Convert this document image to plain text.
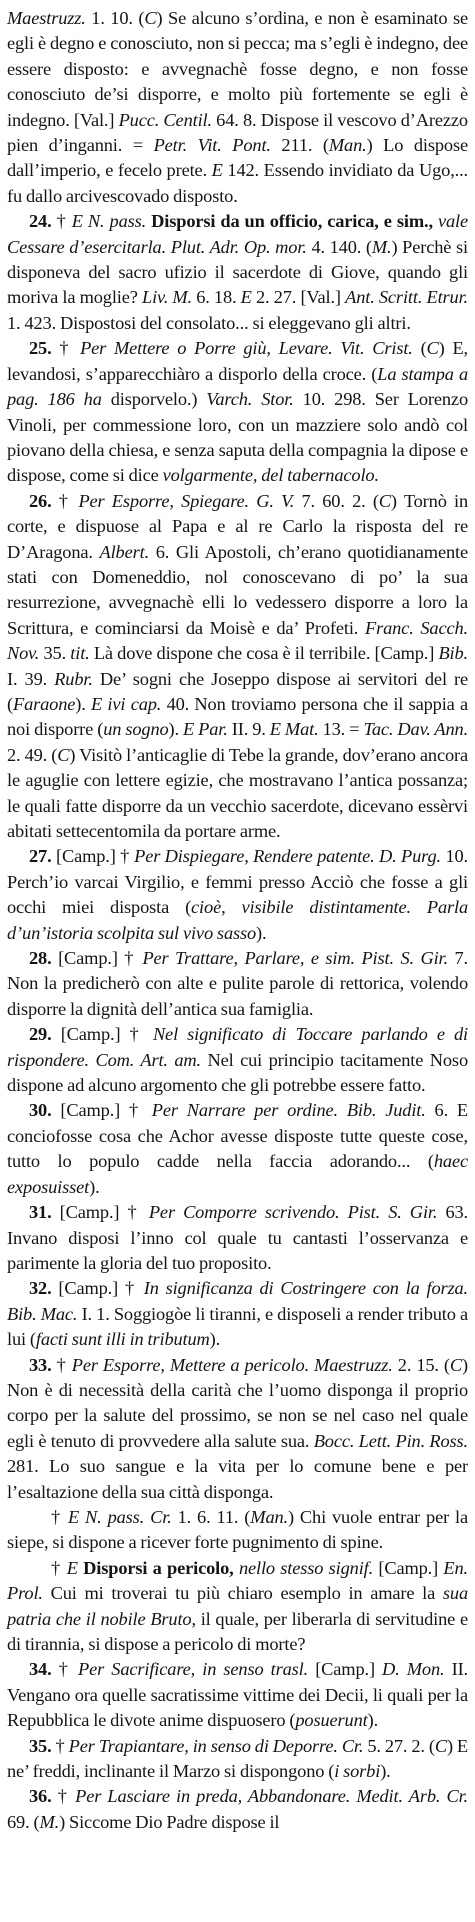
Maestruzz. 1. 10. (C) Se alcuno s’ordina, e non è esaminato se egli è degno e conosciuto, non si pecca; ma s’egli è indegno, dee essere disposto: e avvegnachè fosse degno, e non fosse conosciuto de’si disporre, e molto più fortemente se egli è indegno. [Val.] Pucc. Centil. 64. 8. Dispose il vescovo d’Arezzo pien d’inganni. = Petr. Vit. Pont. 211. (Man.) Lo dispose dall’imperio, e fecelo prete. E 142. Essendo invidiato da Ugo,... fu dallo arcivescovado disposto.

24. † E N. pass. Disporsi da un officio, carica, e sim., vale Cessare d’esercitarla. Plut. Adr. Op. mor. 4. 140. (M.) Perchè si disponeva del sacro ufizio il sacerdote di Giove, quando gli moriva la moglie? Liv. M. 6. 18. E 2. 27. [Val.] Ant. Scritt. Etrur. 1. 423. Dispostosi del consolato... si eleggevano gli altri.

25. † Per Mettere o Porre giù, Levare. Vit. Crist. (C) E, levandosi, s’apparecchiàro a disporlo della croce. (La stampa a pag. 186 ha disporvelo.) Varch. Stor. 10. 298. Ser Lorenzo Vinoli, per commessione loro, con un mazziere solo andò col piovano della chiesa, e senza saputa della compagnia la dipose e dispose, come si dice volgarmente, del tabernacolo.

26. † Per Esporre, Spiegare. G. V. 7. 60. 2. (C) Tornò in corte, e dispuose al Papa e al re Carlo la risposta del re D’Aragona. Albert. 6. Gli Apostoli, ch’erano quotidianamente stati con Domeneddio, nol conoscevano di po’ la sua resurrezione, avvegnachè elli lo vedessero disporre a loro la Scrittura, e cominciarsi da Moisè e da’ Profeti. Franc. Sacch. Nov. 35. tit. Là dove dispone che cosa è il terribile. [Camp.] Bib. I. 39. Rubr. De’ sogni che Joseppo dispose ai servitori del re (Faraone). E ivi cap. 40. Non troviamo persona che il sappia a noi disporre (un sogno). E Par. II. 9. E Mat. 13. = Tac. Dav. Ann. 2. 49. (C) Visitò l’anticaglie di Tebe la grande, dov’erano ancora le aguglie con lettere egizie, che mostravano l’antica possanza; le quali fatte disporre da un vecchio sacerdote, dicevano essèrvi abitati settecentomila da portare arme.

27. [Camp.] † Per Dispiegare, Rendere patente. D. Purg. 10. Perch’io varcai Virgilio, e femmi presso Acciò che fosse a gli occhi miei disposta (cioè, visibile distintamente. Parla d’un’istoria scolpita sul vivo sasso).

28. [Camp.] † Per Trattare, Parlare, e sim. Pist. S. Gir. 7. Non la predicherò con alte e pulite parole di rettorica, volendo disporre la dignità dell’antica sua famiglia.

29. [Camp.] † Nel significato di Toccare parlando e di rispondere. Com. Art. am. Nel cui principio tacitamente Noso dispone ad alcuno argomento che gli potrebbe essere fatto.

30. [Camp.] † Per Narrare per ordine. Bib. Judit. 6. E conciofosse cosa che Achor avesse disposte tutte queste cose, tutto lo populo cadde nella faccia adorando... (haec exposuisset).

31. [Camp.] † Per Comporre scrivendo. Pist. S. Gir. 63. Invano disposi l’inno col quale tu cantasti l’osservanza e parimente la gloria del tuo proposito.

32. [Camp.] † In significanza di Costringere con la forza. Bib. Mac. I. 1. Soggiogòe li tiranni, e disposeli a render tributo a lui (facti sunt illi in tributum).

33. † Per Esporre, Mettere a pericolo. Maestruzz. 2. 15. (C) Non è di necessità della carità che l’uomo disponga il proprio corpo per la salute del prossimo, se non se nel caso nel quale egli è tenuto di provvedere alla salute sua. Bocc. Lett. Pin. Ross. 281. Lo suo sangue e la vita per lo comune bene e per l’esaltazione della sua città disponga.

† E N. pass. Cr. 1. 6. 11. (Man.) Chi vuole entrar per la siepe, si dispone a ricever forte pugnimento di spine.

† E Disporsi a pericolo, nello stesso signif. [Camp.] En. Prol. Cui mi troverai tu più chiaro esemplo in amare la sua patria che il nobile Bruto, il quale, per liberarla di servitudine e di tirannia, si dispose a pericolo di morte?

34. † Per Sacrificare, in senso trasl. [Camp.] D. Mon. II. Vengano ora quelle sacratissime vittime dei Decii, li quali per la Repubblica le divote anime dispuosero (posuerunt).

35. † Per Trapiantare, in senso di Deporre. Cr. 5. 27. 2. (C) E ne’ freddi, inclinante il Marzo si dispongono (i sorbi).

36. † Per Lasciare in preda, Abbandonare. Medit. Arb. Cr. 69. (M.) Siccome Dio Padre dispose il
